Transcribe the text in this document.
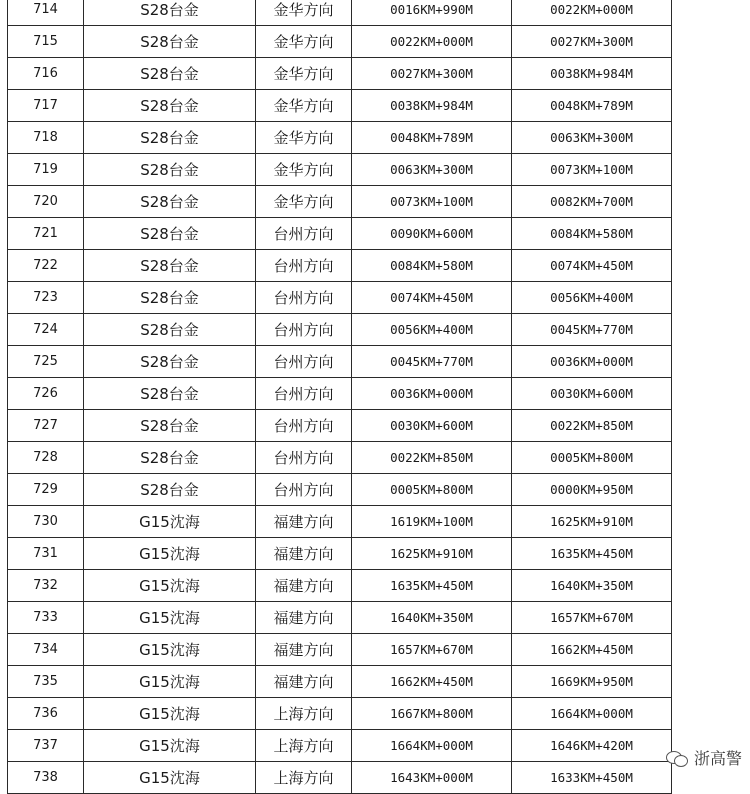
714	S28台金	金华方向	0016KM+990M	0022KM+000M
715	S28台金	金华方向	0022KM+000M	0027KM+300M
716	S28台金	金华方向	0027KM+300M	0038KM+984M
717	S28台金	金华方向	0038KM+984M	0048KM+789M
718	S28台金	金华方向	0048KM+789M	0063KM+300M
719	S28台金	金华方向	0063KM+300M	0073KM+100M
720	S28台金	金华方向	0073KM+100M	0082KM+700M
721	S28台金	台州方向	0090KM+600M	0084KM+580M
722	S28台金	台州方向	0084KM+580M	0074KM+450M
723	S28台金	台州方向	0074KM+450M	0056KM+400M
724	S28台金	台州方向	0056KM+400M	0045KM+770M
725	S28台金	台州方向	0045KM+770M	0036KM+000M
726	S28台金	台州方向	0036KM+000M	0030KM+600M
727	S28台金	台州方向	0030KM+600M	0022KM+850M
728	S28台金	台州方向	0022KM+850M	0005KM+800M
729	S28台金	台州方向	0005KM+800M	0000KM+950M
730	G15沈海	福建方向	1619KM+100M	1625KM+910M
731	G15沈海	福建方向	1625KM+910M	1635KM+450M
732	G15沈海	福建方向	1635KM+450M	1640KM+350M
733	G15沈海	福建方向	1640KM+350M	1657KM+670M
734	G15沈海	福建方向	1657KM+670M	1662KM+450M
735	G15沈海	福建方向	1662KM+450M	1669KM+950M
736	G15沈海	上海方向	1667KM+800M	1664KM+000M
737	G15沈海	上海方向	1664KM+000M	1646KM+420M
738	G15沈海	上海方向	1643KM+000M	1633KM+450M
浙高警
